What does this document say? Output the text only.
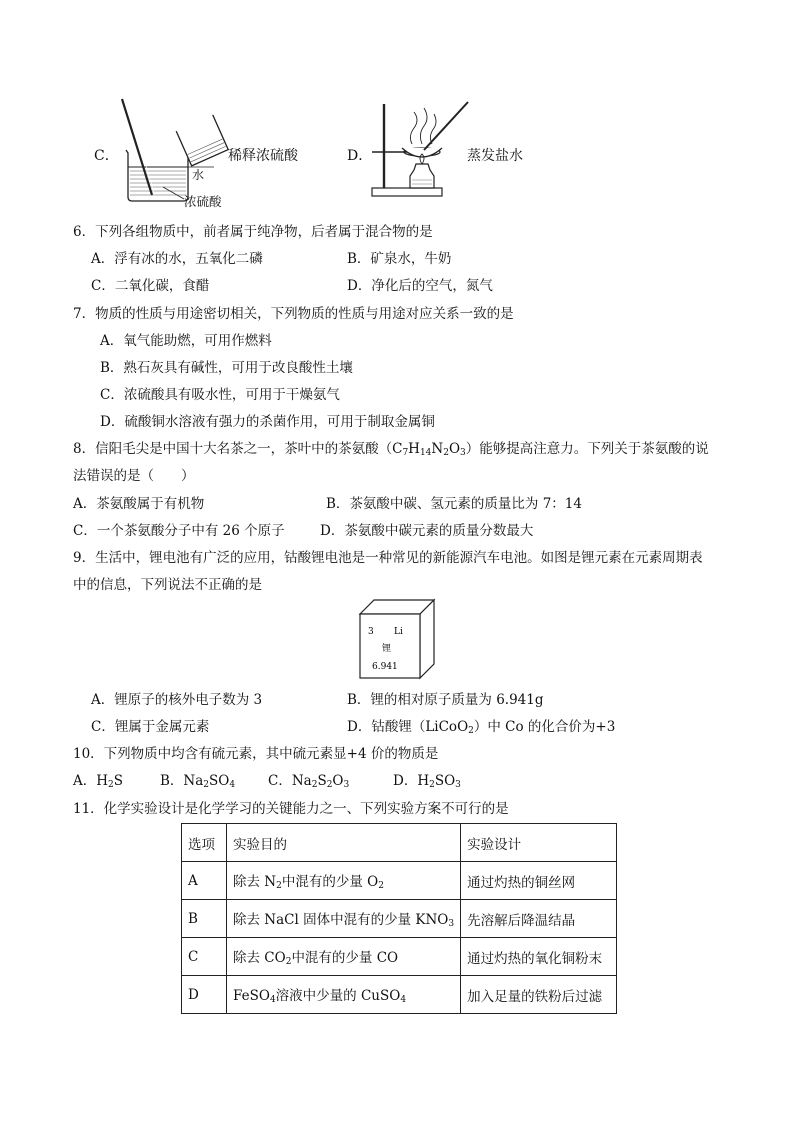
C．
水
浓硫酸
稀释浓硫酸	D．	蒸发盐水
6．下列各组物质中，前者属于纯净物，后者属于混合物的是
A．浮有冰的水，五氧化二磷	B．矿泉水，牛奶
C．二氧化碳，食醋	D．净化后的空气，氮气
7．物质的性质与用途密切相关，下列物质的性质与用途对应关系一致的是
A．氧气能助燃，可用作燃料
B．熟石灰具有碱性，可用于改良酸性土壤
C．浓硫酸具有吸水性，可用于干燥氨气
D．硫酸铜水溶液有强力的杀菌作用，可用于制取金属铜
8．信阳毛尖是中国十大名茶之一，茶叶中的茶氨酸$(C_7H_{14}N_2O_3)$能够提高注意力。下列关于茶氨酸的说
法错误的是（　　）
A．茶氨酸属于有机物	B．茶氨酸中碳、氢元素的质量比为 7：14
C．一个茶氨酸分子中有 26 个原子	D．茶氨酸中碳元素的质量分数最大
9．生活中，锂电池有广泛的应用，钴酸锂电池是一种常见的新能源汽车电池。如图是锂元素在元素周期表
中的信息，下列说法不正确的是
3 Li
锂
6.941
A．锂原子的核外电子数为 3	B．锂的相对原子质量为 6.941g
C．锂属于金属元素	D．钴酸锂（LiCoO$_2$）中 Co 的化合价为+3
10．下列物质中均含有硫元素，其中硫元素显+4 价的物质是
A．$H_2S$	B．$Na_2SO_4$ C．$Na_2S_2O_3$	D．$H_2SO_3$
11．化学实验设计是化学学习的关键能力之一、下列实验方案不可行的是
选项	实验目的	实验设计
A	除去 $N_2$中混有的少量 $O_2$	通过灼热的铜丝网
B	除去 NaCl 固体中混有的少量 $KNO_3$	先溶解后降温结晶
C	除去 $CO_2$中混有的少量 CO	通过灼热的氧化铜粉末
D	FeSO$_4$溶液中少量的 CuSO$_4$	加入足量的铁粉后过滤
